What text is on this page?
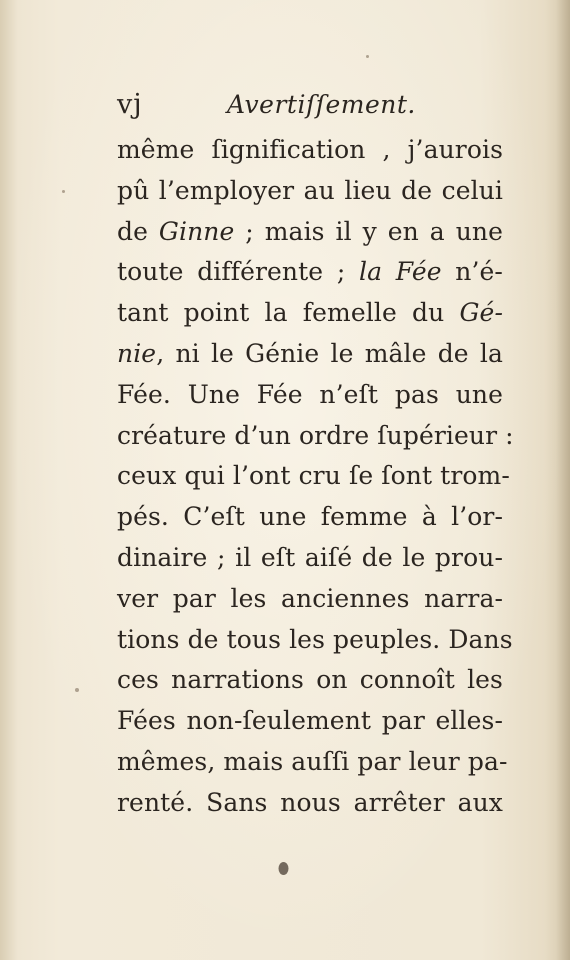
vj	Avertiſſement.
même ſignification , j’aurois
pû l’employer au lieu de celui
de Ginne ; mais il y en a une
toute différente ; la Fée n’é-
tant point la femelle du Gé-
nie, ni le Génie le mâle de la
Fée. Une Fée n’eſt pas une
créature d’un ordre ſupérieur :
ceux qui l’ont cru ſe ſont trom-
pés. C’eſt une femme à l’or-
dinaire ; il eſt aiſé de le prou-
ver par les anciennes narra-
tions de tous les peuples. Dans
ces narrations on connoît les
Fées non-ſeulement par elles-
mêmes, mais auſſi par leur pa-
renté. Sans nous arrêter aux
